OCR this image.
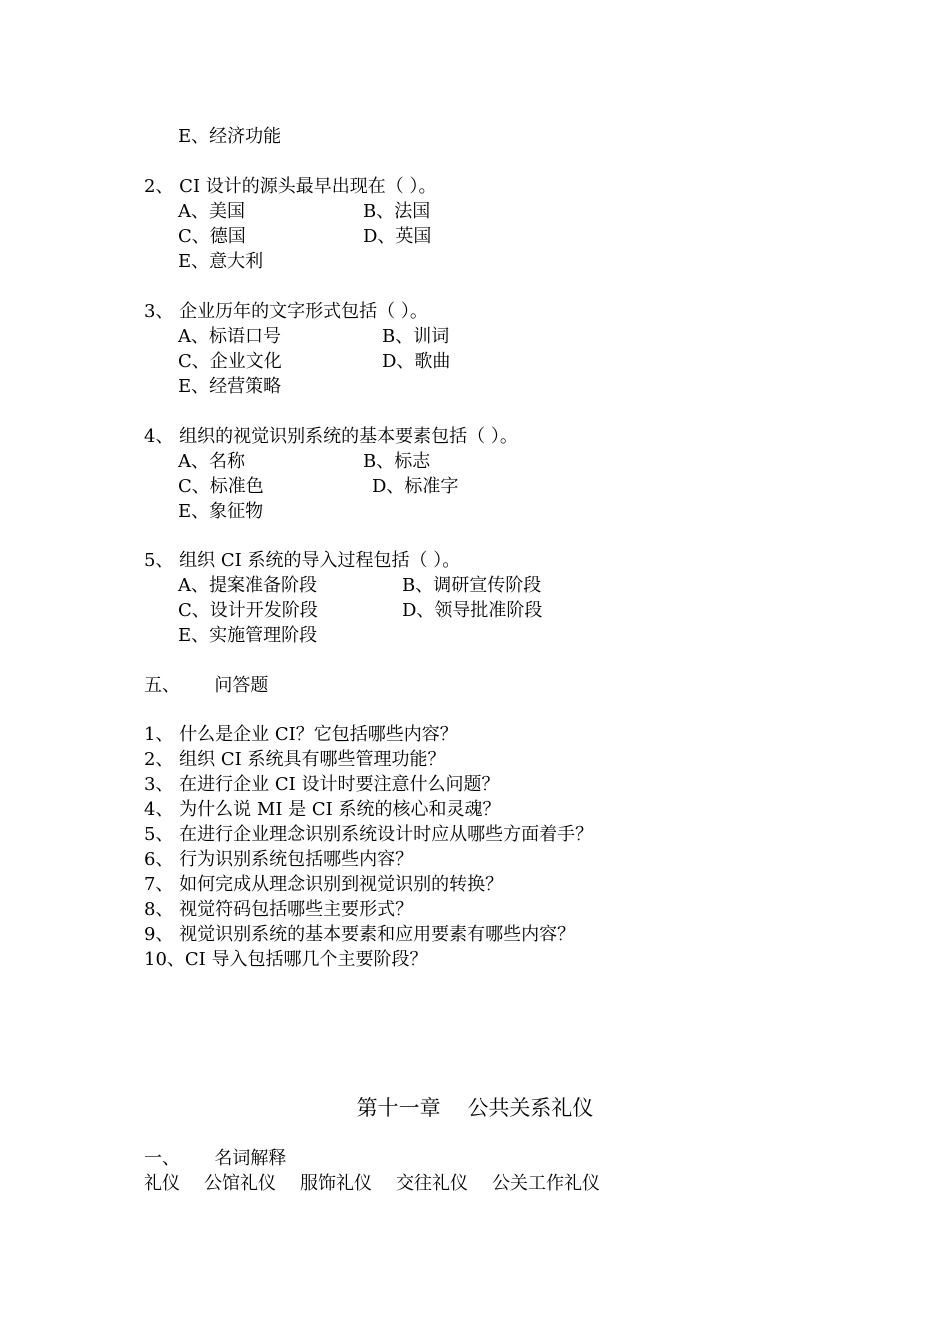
E、经济功能
2、 CI 设计的源头最早出现在（ ）。
A、美国	B、法国
C、德国	D、英国
E、意大利
3、 企业历年的文字形式包括（ ）。
A、标语口号	B、训词
C、企业文化	D、歌曲
E、经营策略
4、 组织的视觉识别系统的基本要素包括（ ）。
A、名称	B、标志
C、标准色	D、标准字
E、象征物
5、 组织 CI 系统的导入过程包括（ ）。
A、提案准备阶段	B、调研宣传阶段
C、设计开发阶段	D、领导批准阶段
E、实施管理阶段
五、      问答题
1、 什么是企业 CI？它包括哪些内容？
2、 组织 CI 系统具有哪些管理功能？
3、 在进行企业 CI 设计时要注意什么问题？
4、 为什么说 MI 是 CI 系统的核心和灵魂？
5、 在进行企业理念识别系统设计时应从哪些方面着手？
6、 行为识别系统包括哪些内容？
7、 如何完成从理念识别到视觉识别的转换？
8、 视觉符码包括哪些主要形式？
9、 视觉识别系统的基本要素和应用要素有哪些内容？
10、CI 导入包括哪几个主要阶段？
第十一章    公共关系礼仪
一、      名词解释
礼仪 公馆礼仪 服饰礼仪 交往礼仪 公关工作礼仪
